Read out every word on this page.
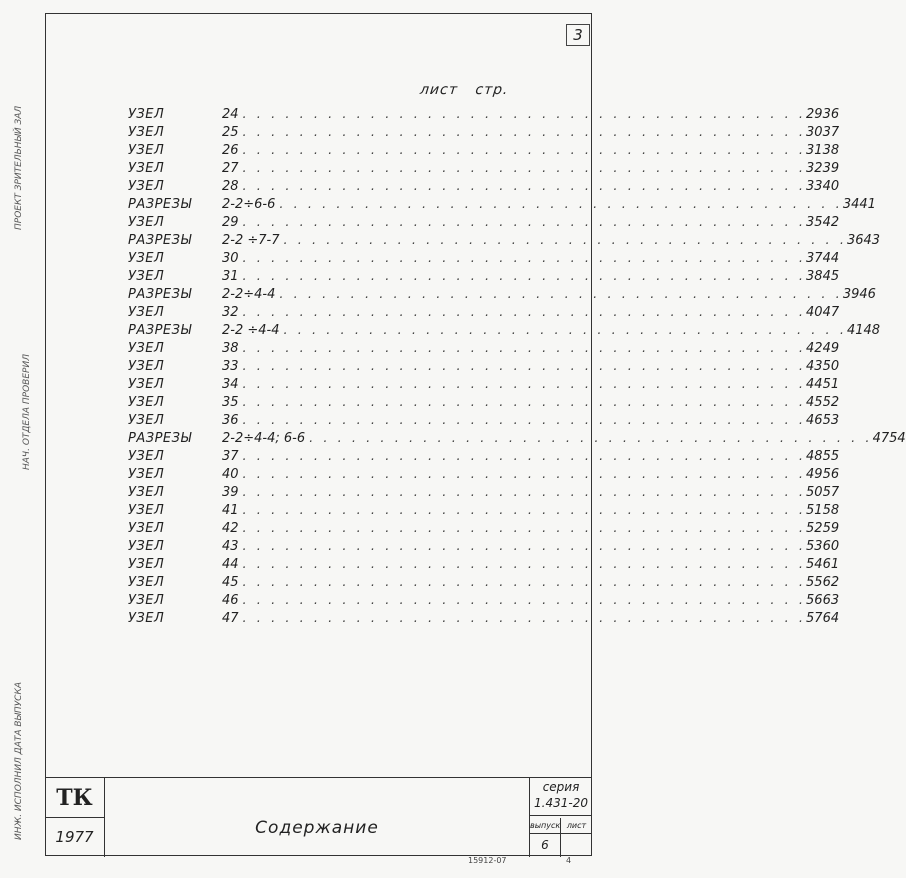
ПРОЕКТ ЗРИТЕЛЬНЫЙ ЗАЛ
НАЧ. ОТДЕЛА ПРОВЕРИЛ
ИНЖ. ИСПОЛНИЛ ДАТА ВЫПУСКА
3
лист стр.
УЗЕЛ	24 . . . . . . . . . . . . . . . . . . . . . . . . . . . . . . . . . . . . . . . . 29 36
УЗЕЛ	25 . . . . . . . . . . . . . . . . . . . . . . . . . . . . . . . . . . . . . . . . 30 37
УЗЕЛ	26 . . . . . . . . . . . . . . . . . . . . . . . . . . . . . . . . . . . . . . . . 31 38
УЗЕЛ	27 . . . . . . . . . . . . . . . . . . . . . . . . . . . . . . . . . . . . . . . . 32 39
УЗЕЛ	28 . . . . . . . . . . . . . . . . . . . . . . . . . . . . . . . . . . . . . . . . 33 40
РАЗРЕЗЫ	2-2÷6-6 . . . . . . . . . . . . . . . . . . . . . . . . . . . . . . . . . . . . . . . . 34 41
УЗЕЛ	29 . . . . . . . . . . . . . . . . . . . . . . . . . . . . . . . . . . . . . . . . 35 42
РАЗРЕЗЫ	2-2 ÷7-7 . . . . . . . . . . . . . . . . . . . . . . . . . . . . . . . . . . . . . . . . 36 43
УЗЕЛ	30 . . . . . . . . . . . . . . . . . . . . . . . . . . . . . . . . . . . . . . . . 37 44
УЗЕЛ	31 . . . . . . . . . . . . . . . . . . . . . . . . . . . . . . . . . . . . . . . . 38 45
РАЗРЕЗЫ	2-2÷4-4 . . . . . . . . . . . . . . . . . . . . . . . . . . . . . . . . . . . . . . . . 39 46
УЗЕЛ	32 . . . . . . . . . . . . . . . . . . . . . . . . . . . . . . . . . . . . . . . . 40 47
РАЗРЕЗЫ	2-2 ÷4-4 . . . . . . . . . . . . . . . . . . . . . . . . . . . . . . . . . . . . . . . . 41 48
УЗЕЛ	38 . . . . . . . . . . . . . . . . . . . . . . . . . . . . . . . . . . . . . . . . 42 49
УЗЕЛ	33 . . . . . . . . . . . . . . . . . . . . . . . . . . . . . . . . . . . . . . . . 43 50
УЗЕЛ	34 . . . . . . . . . . . . . . . . . . . . . . . . . . . . . . . . . . . . . . . . 44 51
УЗЕЛ	35 . . . . . . . . . . . . . . . . . . . . . . . . . . . . . . . . . . . . . . . . 45 52
УЗЕЛ	36 . . . . . . . . . . . . . . . . . . . . . . . . . . . . . . . . . . . . . . . . 46 53
РАЗРЕЗЫ	2-2÷4-4; 6-6 . . . . . . . . . . . . . . . . . . . . . . . . . . . . . . . . . . . . . . . . 47 54
УЗЕЛ	37 . . . . . . . . . . . . . . . . . . . . . . . . . . . . . . . . . . . . . . . . 48 55
УЗЕЛ	40 . . . . . . . . . . . . . . . . . . . . . . . . . . . . . . . . . . . . . . . . 49 56
УЗЕЛ	39 . . . . . . . . . . . . . . . . . . . . . . . . . . . . . . . . . . . . . . . . 50 57
УЗЕЛ	41 . . . . . . . . . . . . . . . . . . . . . . . . . . . . . . . . . . . . . . . . 51 58
УЗЕЛ	42 . . . . . . . . . . . . . . . . . . . . . . . . . . . . . . . . . . . . . . . . 52 59
УЗЕЛ	43 . . . . . . . . . . . . . . . . . . . . . . . . . . . . . . . . . . . . . . . . 53 60
УЗЕЛ	44 . . . . . . . . . . . . . . . . . . . . . . . . . . . . . . . . . . . . . . . . 54 61
УЗЕЛ	45 . . . . . . . . . . . . . . . . . . . . . . . . . . . . . . . . . . . . . . . . 55 62
УЗЕЛ	46 . . . . . . . . . . . . . . . . . . . . . . . . . . . . . . . . . . . . . . . . 56 63
УЗЕЛ	47 . . . . . . . . . . . . . . . . . . . . . . . . . . . . . . . . . . . . . . . . 57 64
ТК
1977	Содержание
серия
1.431-20
выпуск лист
6
15912-07	4
